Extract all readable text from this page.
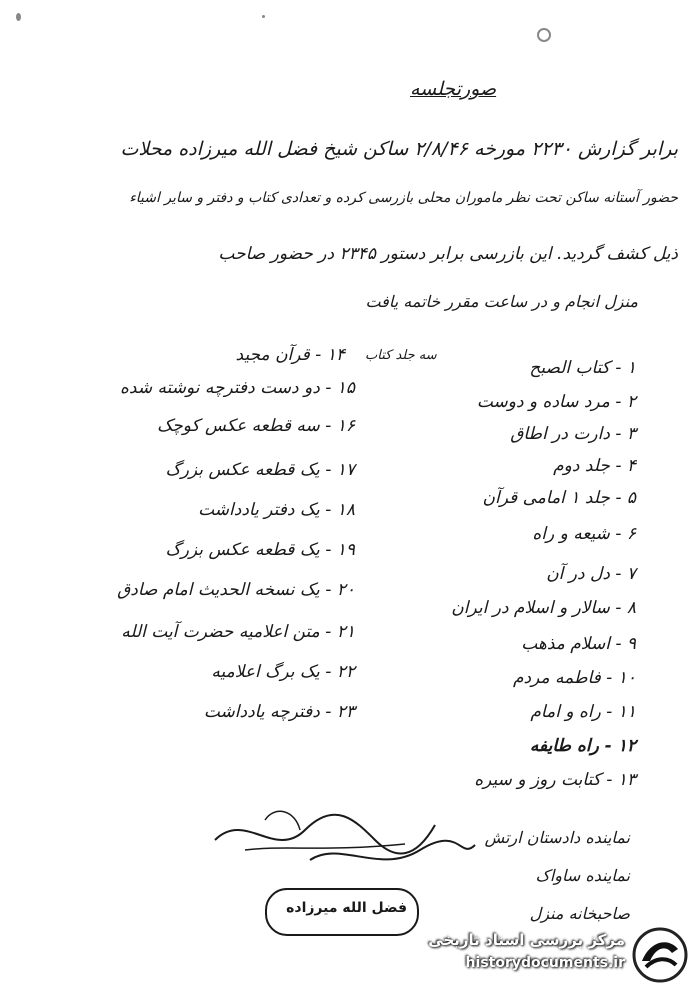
صورتجلسه
برابر گزارش ۲۲۳۰ مورخه ۲/۸/۴۶ ساکن شیخ فضل الله میرزاده محلات
حضور آستانه ساکن تحت نظر ماموران محلی بازرسی کرده و تعدادی کتاب و دفتر و سایر اشیاء
ذیل کشف گردید. این بازرسی برابر دستور ۲۳۴۵ در حضور صاحب
منزل انجام و در ساعت مقرر خاتمه یافت
۱ - کتاب الصبح
۲ - مرد ساده و دوست
۳ - دارت در اطاق
۴ - جلد دوم
۵ - جلد ۱ امامی قرآن
۶ - شیعه و راه
۷ - دل در آن
۸ - سالار و اسلام در ایران
۹ - اسلام مذهب
۱۰ - فاطمه مردم
۱۱ - راه و امام
۱۲ - راه طایفه
۱۳ - کتابت روز و سیره
سه جلد کتاب
۱۴ - قرآن مجید
۱۵ - دو دست دفترچه نوشته شده
۱۶ - سه قطعه عکس کوچک
۱۷ - یک قطعه عکس بزرگ
۱۸ - یک دفتر یادداشت
۱۹ - یک قطعه عکس بزرگ
۲۰ - یک نسخه الحدیث امام صادق
۲۱ - متن اعلامیه حضرت آیت الله
۲۲ - یک برگ اعلامیه
۲۳ - دفترچه یادداشت
نماینده دادستان ارتش
نماینده ساواک
صاحبخانه منزل
فضل الله میرزاده
مرکز بررسی اسناد تاریخی
historydocuments.ir
